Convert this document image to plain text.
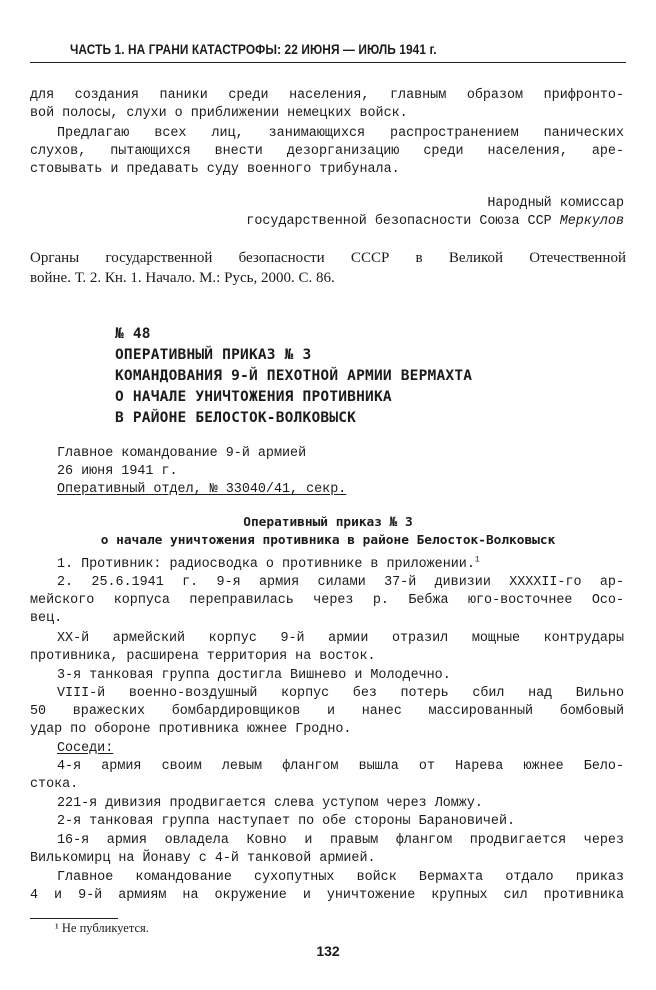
ЧАСТЬ 1. НА ГРАНИ КАТАСТРОФЫ: 22 ИЮНЯ — ИЮЛЬ 1941 г.
для создания паники среди населения, главным образом прифронто-
вой полосы, слухи о приближении немецких войск.
Предлагаю всех лиц, занимающихся распространением панических
слухов, пытающихся внести дезорганизацию среди населения, аре-
стовывать и предавать суду военного трибунала.
Народный комиссар
государственной безопасности Союза ССР Меркулов
Органы государственной безопасности СССР в Великой Отечественной
войне. Т. 2. Кн. 1. Начало. М.: Русь, 2000. С. 86.
№ 48
ОПЕРАТИВНЫЙ ПРИКАЗ № 3
КОМАНДОВАНИЯ 9-Й ПЕХОТНОЙ АРМИИ ВЕРМАХТА
О НАЧАЛЕ УНИЧТОЖЕНИЯ ПРОТИВНИКА
В РАЙОНЕ БЕЛОСТОК-ВОЛКОВЫСК
Главное командование 9-й армией
26 июня 1941 г.
Оперативный отдел, № 33040/41, секр.
Оперативный приказ № 3
о начале уничтожения противника в районе Белосток-Волковыск
1. Противник: радиосводка о противнике в приложении.$^1$
2. 25.6.1941 г. 9-я армия силами 37-й дивизии XXXXII-го ар-
мейского корпуса переправилась через р. Бебжа юго-восточнее Осо-
вец.
XX-й армейский корпус 9-й армии отразил мощные контрудары
противника, расширена территория на восток.
3-я танковая группа достигла Вишнево и Молодечно.
VIII-й военно-воздушный корпус без потерь сбил над Вильно
50 вражеских бомбардировщиков и нанес массированный бомбовый
удар по обороне противника южнее Гродно.
Соседи:
4-я армия своим левым флангом вышла от Нарева южнее Бело-
стока.
221-я дивизия продвигается слева уступом через Ломжу.
2-я танковая группа наступает по обе стороны Барановичей.
16-я армия овладела Ковно и правым флангом продвигается через
Вилькомирц на Йонаву с 4-й танковой армией.
Главное командование сухопутных войск Вермахта отдало приказ
4 и 9-й армиям на окружение и уничтожение крупных сил противника
¹ Не публикуется.
132
